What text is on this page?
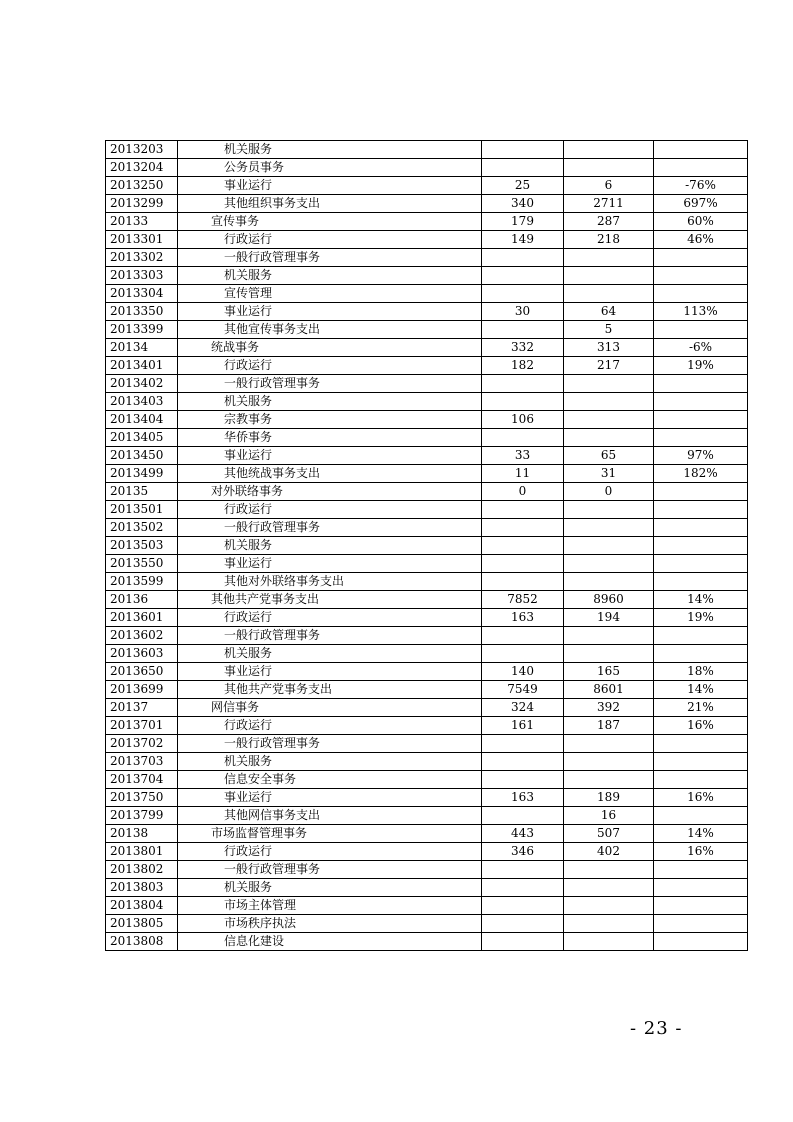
2013203	机关服务			
2013204	公务员事务			
2013250	事业运行	25	6	-76%
2013299	其他组织事务支出	340	2711	697%
20133	宣传事务	179	287	60%
2013301	行政运行	149	218	46%
2013302	一般行政管理事务			
2013303	机关服务			
2013304	宣传管理			
2013350	事业运行	30	64	113%
2013399	其他宣传事务支出		5	
20134	统战事务	332	313	-6%
2013401	行政运行	182	217	19%
2013402	一般行政管理事务			
2013403	机关服务			
2013404	宗教事务	106		
2013405	华侨事务			
2013450	事业运行	33	65	97%
2013499	其他统战事务支出	11	31	182%
20135	对外联络事务	0	0	
2013501	行政运行			
2013502	一般行政管理事务			
2013503	机关服务			
2013550	事业运行			
2013599	其他对外联络事务支出			
20136	其他共产党事务支出	7852	8960	14%
2013601	行政运行	163	194	19%
2013602	一般行政管理事务			
2013603	机关服务			
2013650	事业运行	140	165	18%
2013699	其他共产党事务支出	7549	8601	14%
20137	网信事务	324	392	21%
2013701	行政运行	161	187	16%
2013702	一般行政管理事务			
2013703	机关服务			
2013704	信息安全事务			
2013750	事业运行	163	189	16%
2013799	其他网信事务支出		16	
20138	市场监督管理事务	443	507	14%
2013801	行政运行	346	402	16%
2013802	一般行政管理事务			
2013803	机关服务			
2013804	市场主体管理			
2013805	市场秩序执法			
2013808	信息化建设			
- 23 -
